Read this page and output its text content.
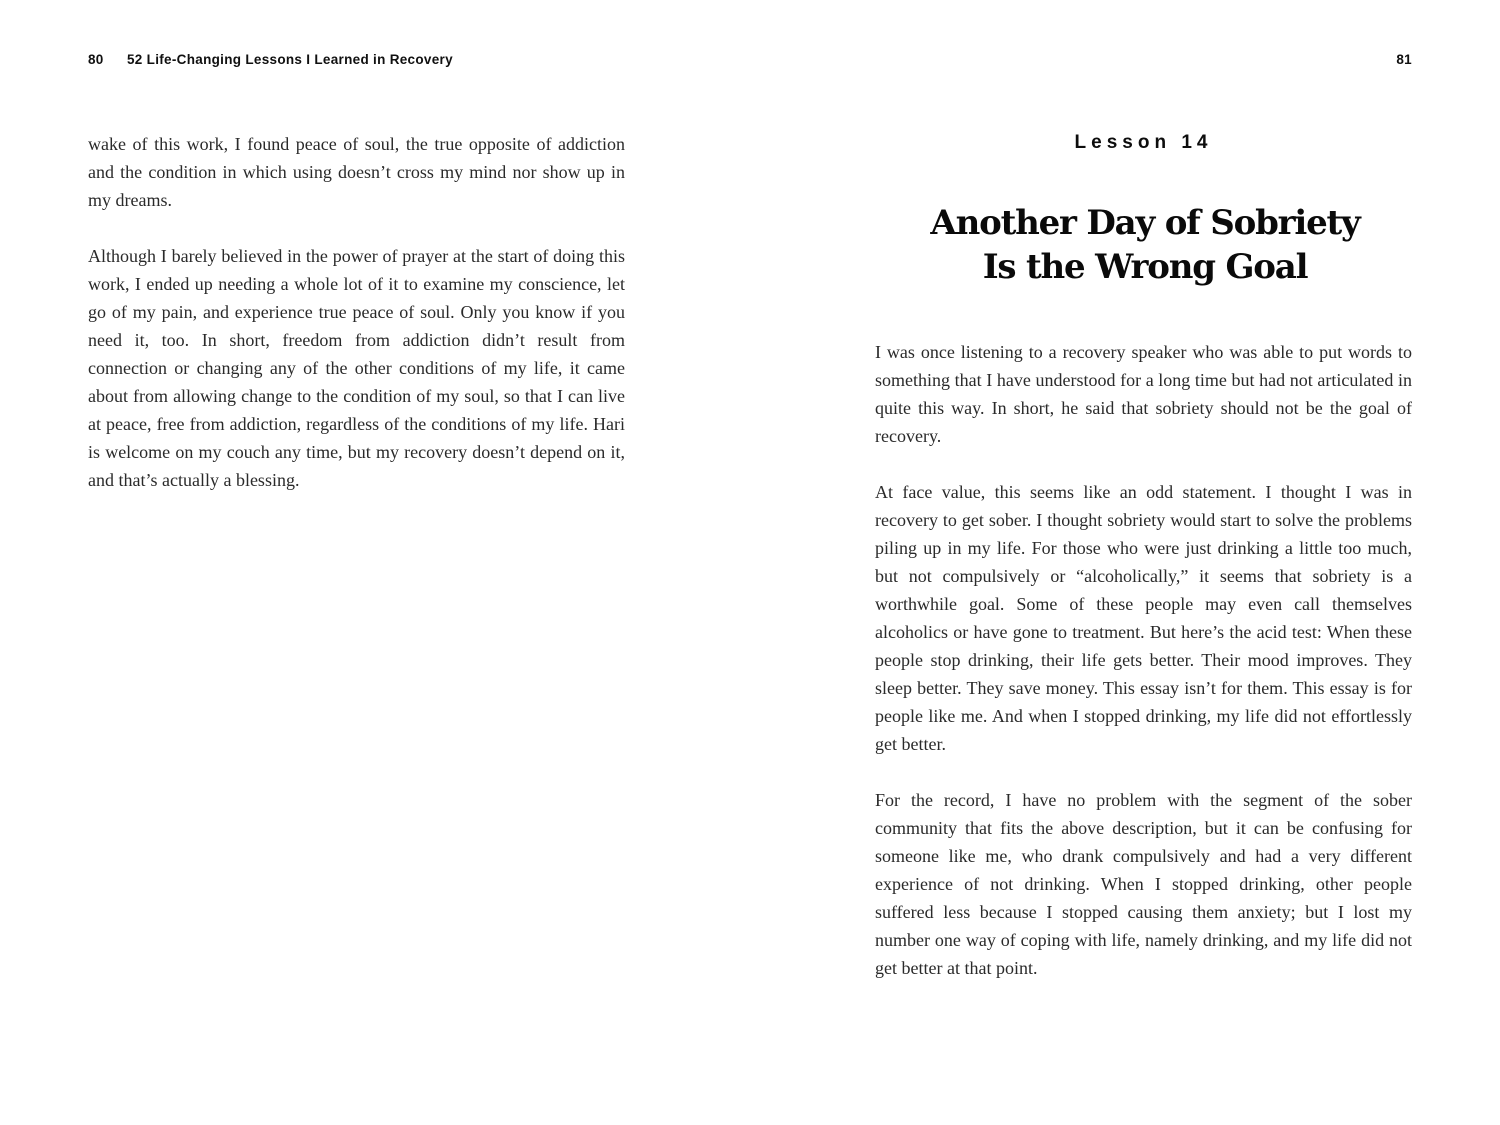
80 52 Life-Changing Lessons I Learned in Recovery	81

wake of this work, I found peace of soul, the true opposite of addiction and the condition in which using doesn’t cross my mind nor show up in my dreams.

Although I barely believed in the power of prayer at the start of doing this work, I ended up needing a whole lot of it to examine my conscience, let go of my pain, and experience true peace of soul. Only you know if you need it, too. In short, freedom from addiction didn’t result from connection or changing any of the other conditions of my life, it came about from allowing change to the condition of my soul, so that I can live at peace, free from addiction, regardless of the conditions of my life. Hari is welcome on my couch any time, but my recovery doesn’t depend on it, and that’s actually a blessing.

Lesson 14
Another Day of Sobriety
Is the Wrong Goal

I was once listening to a recovery speaker who was able to put words to something that I have understood for a long time but had not articulated in quite this way. In short, he said that sobriety should not be the goal of recovery.

At face value, this seems like an odd statement. I thought I was in recovery to get sober. I thought sobriety would start to solve the problems piling up in my life. For those who were just drinking a little too much, but not compulsively or “alcoholically,” it seems that sobriety is a worthwhile goal. Some of these people may even call themselves alcoholics or have gone to treatment. But here’s the acid test: When these people stop drinking, their life gets better. Their mood improves. They sleep better. They save money. This essay isn’t for them. This essay is for people like me. And when I stopped drinking, my life did not effortlessly get better.

For the record, I have no problem with the segment of the sober community that fits the above description, but it can be confusing for someone like me, who drank compulsively and had a very different experience of not drinking. When I stopped drinking, other people suffered less because I stopped causing them anxiety; but I lost my number one way of coping with life, namely drinking, and my life did not get better at that point.
